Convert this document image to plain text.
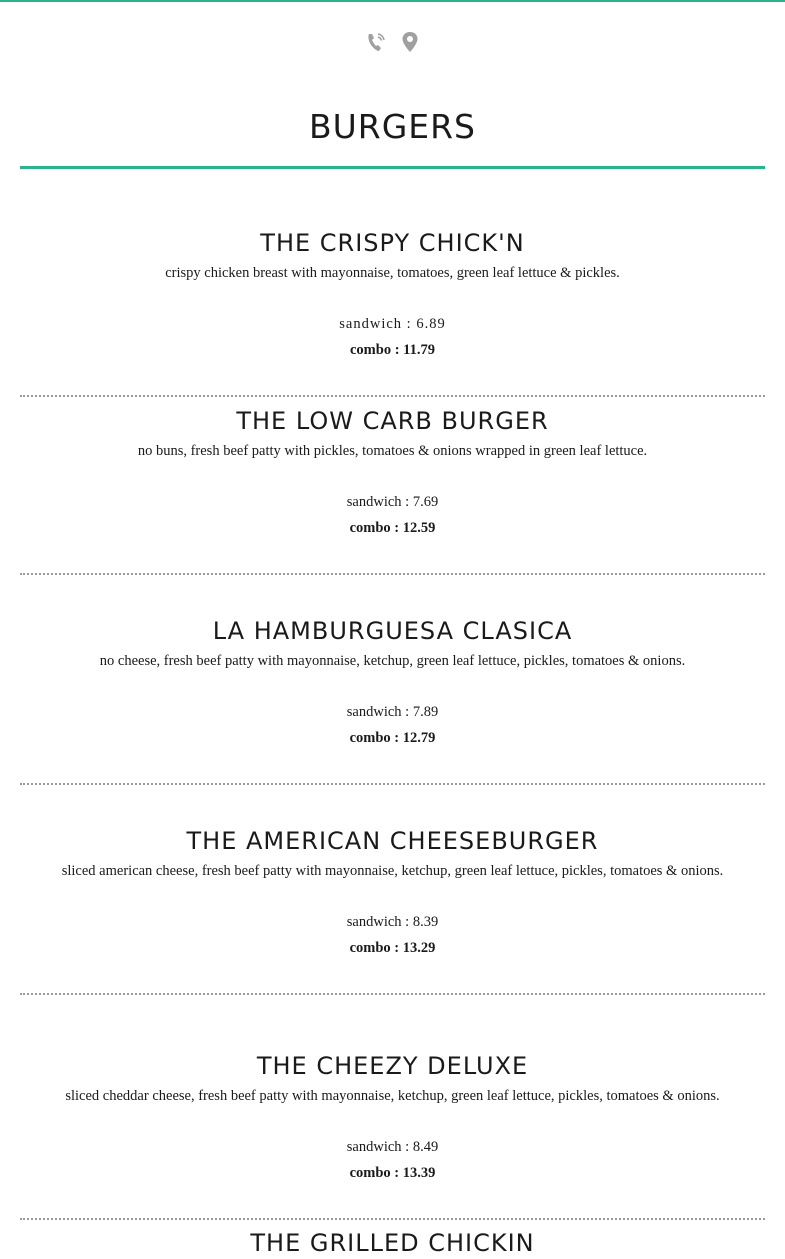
BURGERS
THE CRISPY CHICK'N
crispy chicken breast with mayonnaise, tomatoes, green leaf lettuce & pickles.
sandwich : 6.89
combo : 11.79
THE LOW CARB BURGER
no buns, fresh beef patty with pickles, tomatoes & onions wrapped in green leaf lettuce.
sandwich : 7.69
combo : 12.59
LA HAMBURGUESA CLASICA
no cheese, fresh beef patty with mayonnaise, ketchup, green leaf lettuce, pickles, tomatoes & onions.
sandwich : 7.89
combo : 12.79
THE AMERICAN CHEESEBURGER
sliced american cheese, fresh beef patty with mayonnaise, ketchup, green leaf lettuce, pickles, tomatoes & onions.
sandwich : 8.39
combo : 13.29
THE CHEEZY DELUXE
sliced cheddar cheese, fresh beef patty with mayonnaise, ketchup, green leaf lettuce, pickles, tomatoes & onions.
sandwich : 8.49
combo : 13.39
THE GRILLED CHICKIN
